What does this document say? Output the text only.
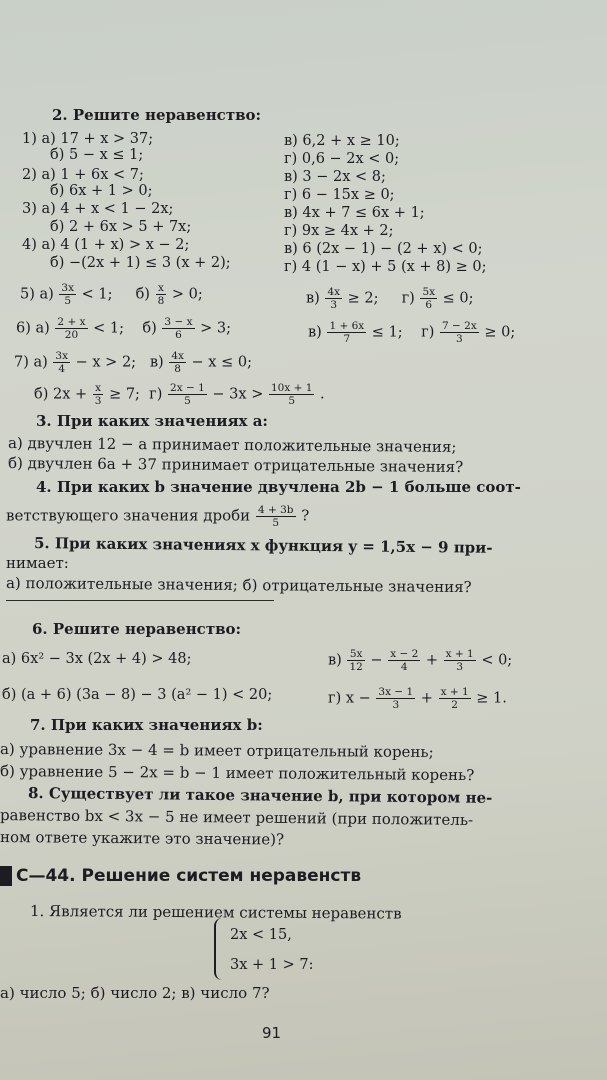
2. Решите неравенство:
1) а) 17 + x > 37;	в) 6,2 + x ≥ 10;
б) 5 − x ≤ 1;	г) 0,6 − 2x < 0;
2) а) 1 + 6x < 7;	в) 3 − 2x < 8;
б) 6x + 1 > 0;	г) 6 − 15x ≥ 0;
3) а) 4 + x < 1 − 2x;	в) 4x + 7 ≤ 6x + 1;
б) 2 + 6x > 5 + 7x;	г) 9x ≥ 4x + 2;
4) а) 4 (1 + x) > x − 2;	в) 6 (2x − 1) − (2 + x) < 0;
б) −(2x + 1) ≤ 3 (x + 2);	г) 4 (1 − x) + 5 (x + 8) ≥ 0;
5) $а) \frac{3x}{5} < 1$; $б) \frac{x}{8} > 0$;	$в) \frac{4x}{3} \ge 2$; $г) \frac{5x}{6} \le 0$;
6) $а) \frac{2 + x}{20} < 1$; $б) \frac{3 - x}{6} > 3$;	$в) \frac{1 + 6x}{7} \le 1$; $г) \frac{7 - 2x}{3} \ge 0$;
7) $а) \frac{3x}{4} - x > 2$; $в) \frac{4x}{8} - x \le 0$;
б) $2x + \frac{x}{3} \ge 7$; $г) \frac{2x - 1}{5} - 3x > \frac{10x + 1}{5}$ .
3. При каких значениях a:
а) двучлен 12 − a принимает положительные значения;
б) двучлен 6a + 37 принимает отрицательные значения?
4. При каких b значение двучлена 2b − 1 больше соот-
ветствующего значения дроби $\frac{4 + 3b}{5}$ ?
5. При каких значениях x функция y = 1,5x − 9 при-
нимает:
а) положительные значения; б) отрицательные значения?
6. Решите неравенство:
а) 6x² − 3x (2x + 4) > 48;	$в) \frac{5x}{12} - \frac{x - 2}{4} + \frac{x + 1}{3} < 0$;
б) (a + 6) (3a − 8) − 3 (a² − 1) < 20;	г) $x - \frac{3x - 1}{3} + \frac{x + 1}{2} \ge 1$.
7. При каких значениях b:
а) уравнение 3x − 4 = b имеет отрицательный корень;
б) уравнение 5 − 2x = b − 1 имеет положительный корень?
8. Существует ли такое значение b, при котором не-
равенство bx < 3x − 5 не имеет решений (при положитель-
ном ответе укажите это значение)?
С—44. Решение систем неравенств
1. Является ли решением системы неравенств
2x < 15,
3x + 1 > 7:
а) число 5; б) число 2; в) число 7?
91
